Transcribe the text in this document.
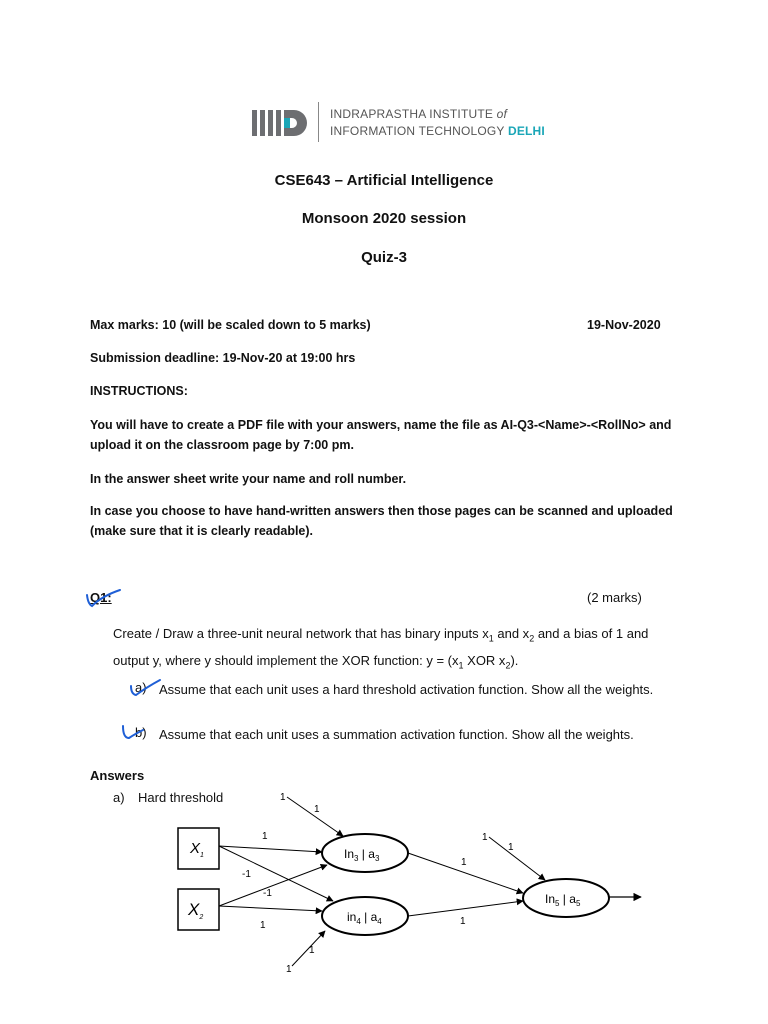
INDRAPRASTHA INSTITUTE of
INFORMATION TECHNOLOGY DELHI
CSE643 – Artificial Intelligence
Monsoon 2020 session
Quiz-3
Max marks: 10 (will be scaled down to 5 marks)	19-Nov-2020
Submission deadline: 19-Nov-20 at 19:00 hrs
INSTRUCTIONS:
You will have to create a PDF file with your answers, name the file as AI-Q3-<Name>-<RollNo> and upload it on the classroom page by 7:00 pm.
In the answer sheet write your name and roll number.
In case you choose to have hand-written answers then those pages can be scanned and uploaded (make sure that it is clearly readable).
Q1:	(2 marks)
Create / Draw a three-unit neural network that has binary inputs $x_1$ and $x_2$ and a bias of 1 and output y, where y should implement the XOR function: $y = (x_1$ XOR $x_2$).
a) Assume that each unit uses a hard threshold activation function. Show all the weights.
b) Assume that each unit uses a summation activation function. Show all the weights.
Answers
a) Hard threshold
$X_1$
$X_2$
$In_3$ | $a_3$
$in_4$ | $a_4$
$In_5$ | $a_5$
1
1
1
-1
-1
1
1
1
1
1
1
1
